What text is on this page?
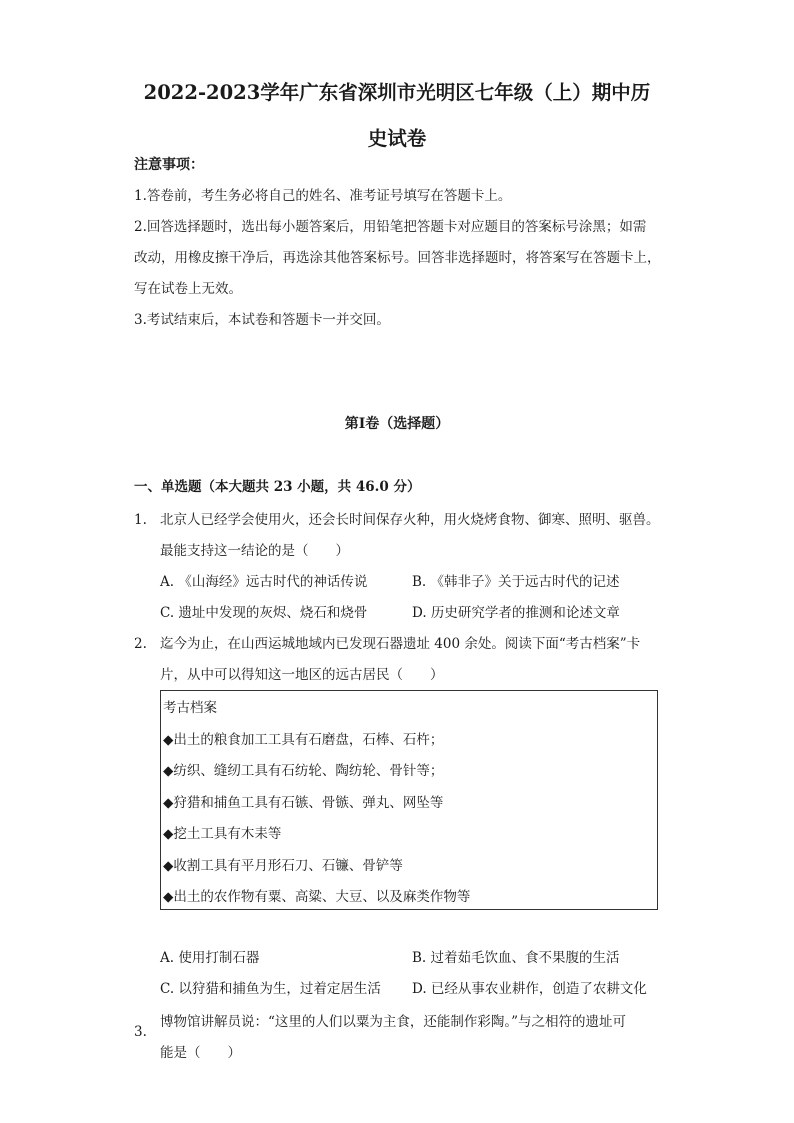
2022-2023学年广东省深圳市光明区七年级（上）期中历
史试卷

注意事项：

1.答卷前，考生务必将自己的姓名、准考证号填写在答题卡上。

2.回答选择题时，选出每小题答案后，用铅笔把答题卡对应题目的答案标号涂黑；如需

改动，用橡皮擦干净后，再选涂其他答案标号。回答非选择题时，将答案写在答题卡上，

写在试卷上无效。

3.考试结束后，本试卷和答题卡一并交回。

第Ⅰ卷（选择题）
一、单选题（本大题共 23 小题，共 46.0 分）
1. 北京人已经学会使用火，还会长时间保存火种，用火烧烤食物、御寒、照明、驱兽。
最能支持这一结论的是（　　）
A. 《山海经》远古时代的神话传说	B. 《韩非子》关于远古时代的记述
C. 遗址中发现的灰烬、烧石和烧骨	D. 历史研究学者的推测和论述文章
2. 迄今为止，在山西运城地域内已发现石器遗址 400 余处。阅读下面“考古档案”卡
片，从中可以得知这一地区的远古居民（　　）

考古档案

◆出土的粮食加工工具有石磨盘，石棒、石杵；

◆纺织、缝纫工具有石纺轮、陶纺轮、骨针等；

◆狩猎和捕鱼工具有石镞、骨镞、弹丸、网坠等

◆挖土工具有木耒等

◆收割工具有平月形石刀、石镰、骨铲等

◆出土的农作物有粟、高粱、大豆、以及麻类作物等

A. 使用打制石器	B. 过着茹毛饮血、食不果腹的生活
C. 以狩猎和捕鱼为生，过着定居生活	D. 已经从事农业耕作，创造了农耕文化
3.
博物馆讲解员说：“这里的人们以粟为主食，还能制作彩陶。”与之相符的遗址可
能是（　　）
